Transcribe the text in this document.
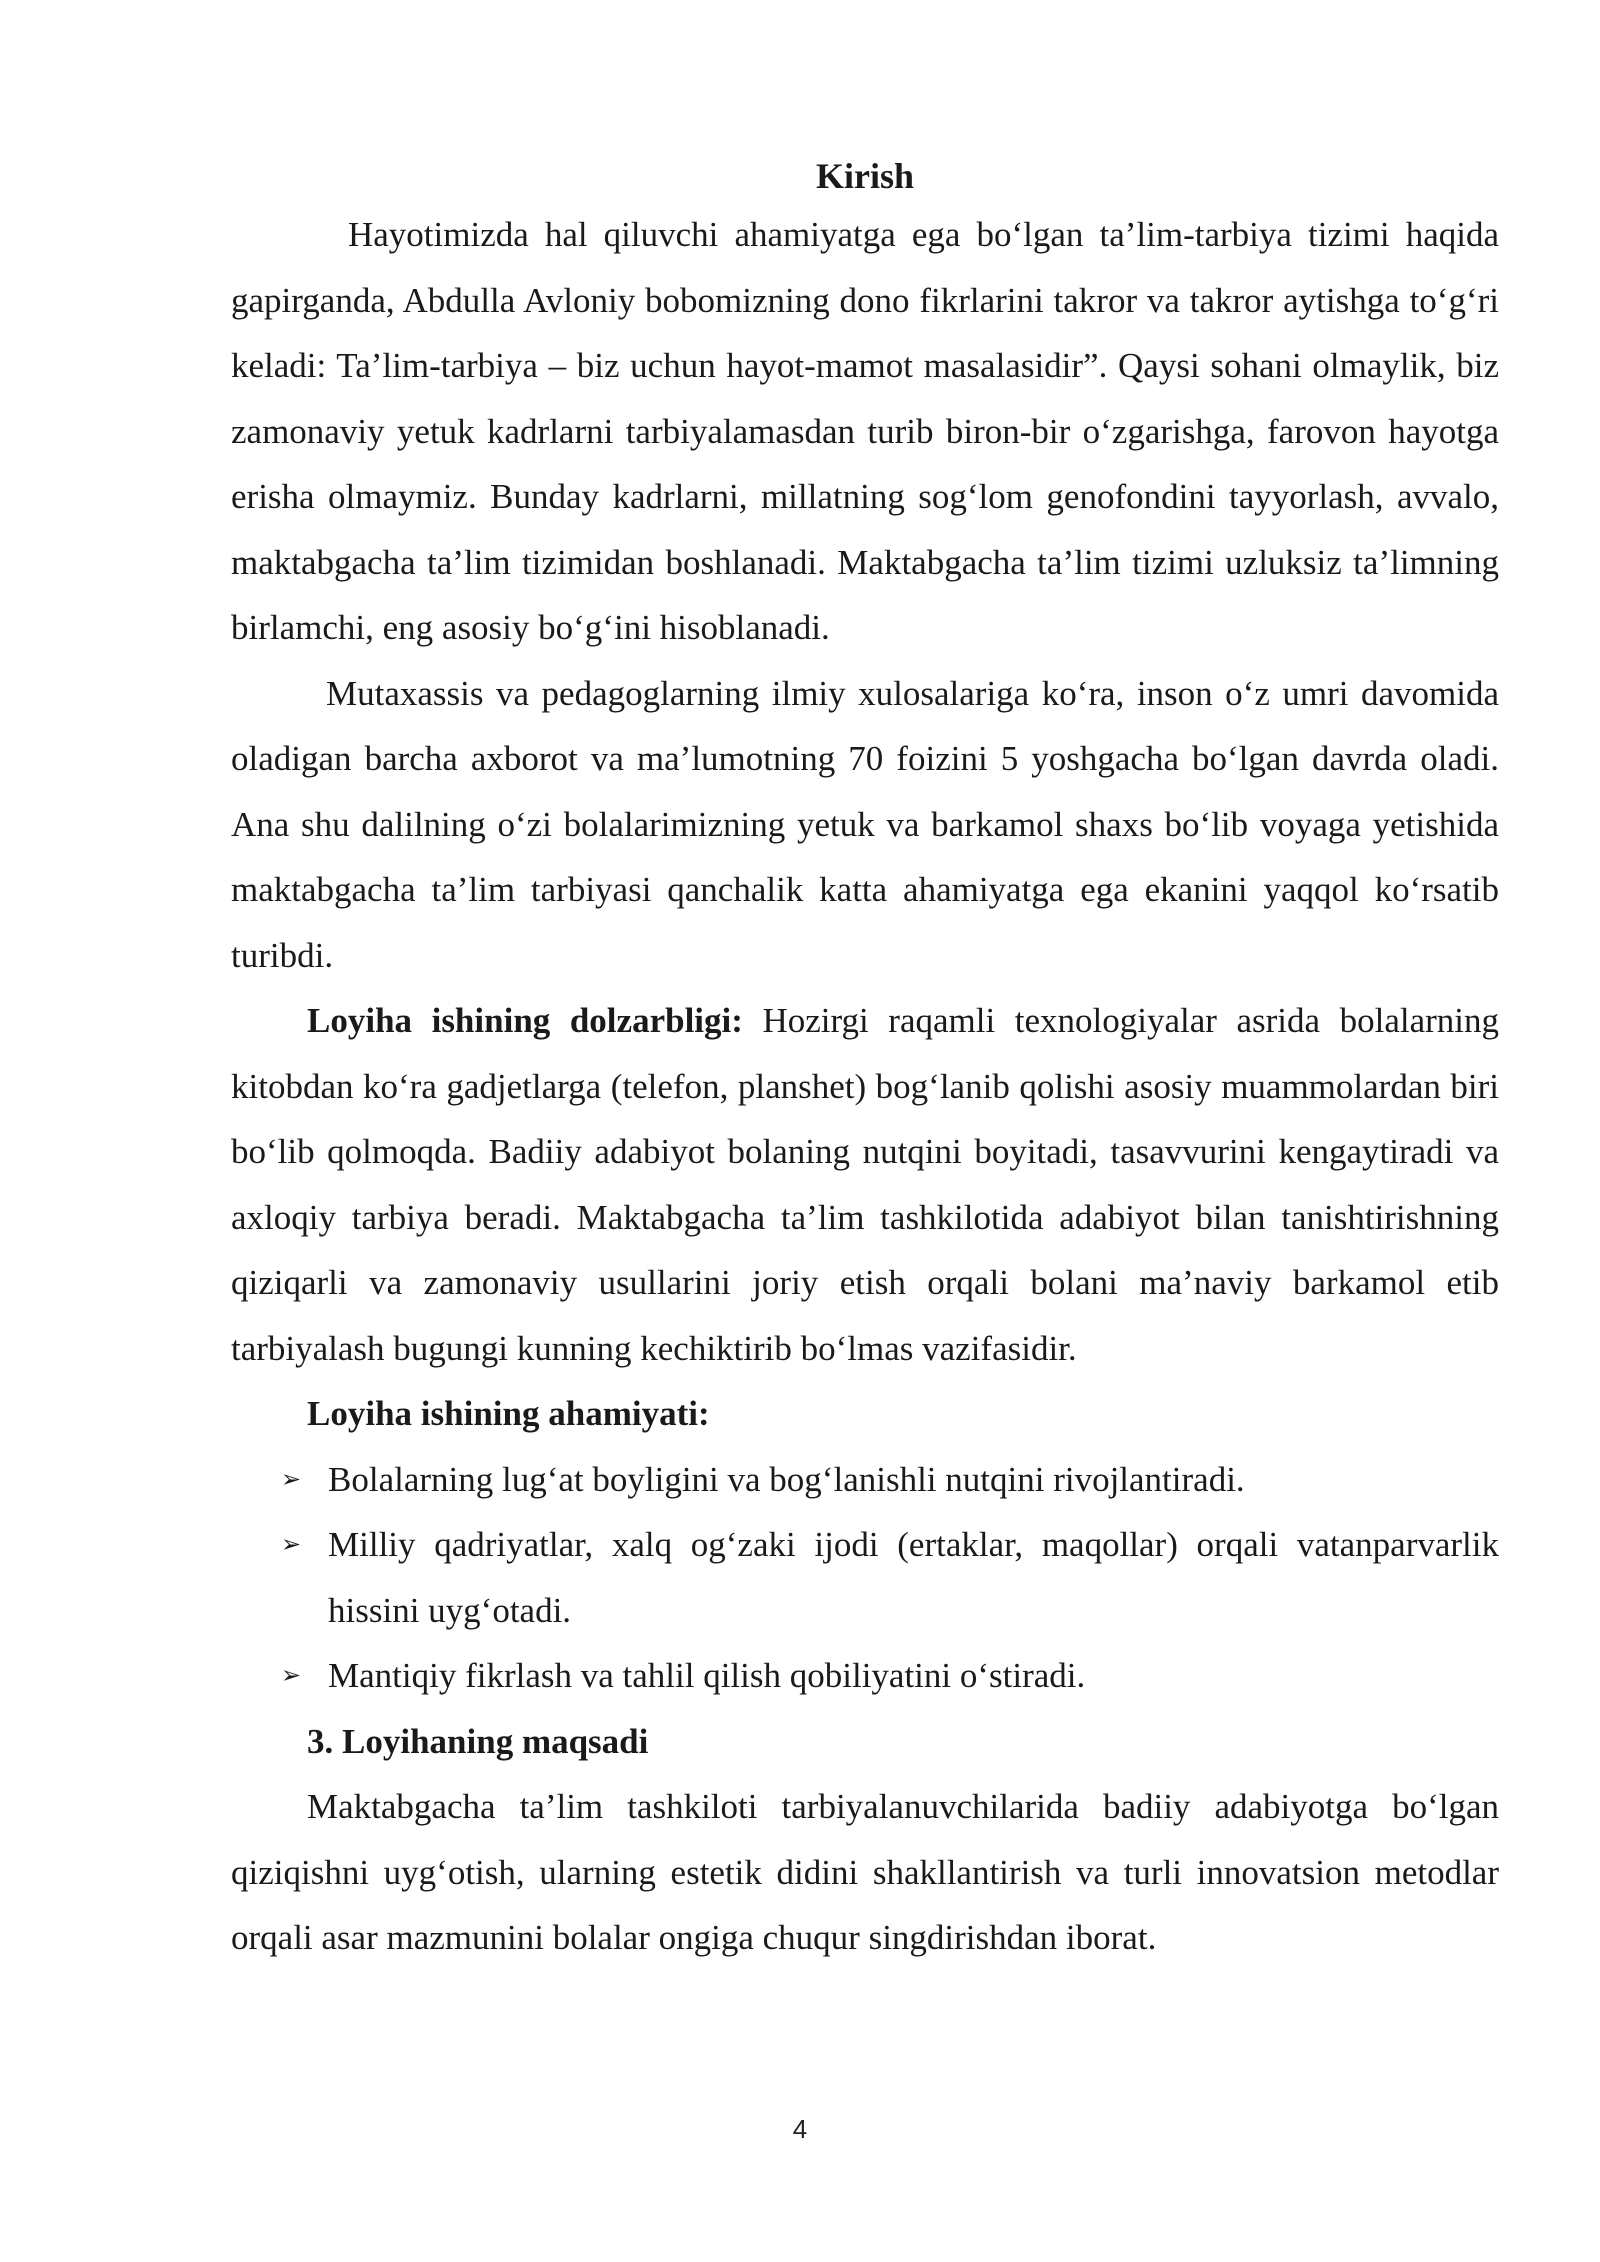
Kirish

Hayotimizda hal qiluvchi ahamiyatga ega bo‘lgan ta’lim-tarbiya tizimi haqida gapirganda, Abdulla Avloniy bobomizning dono fikrlarini takror va takror aytishga to‘g‘ri keladi: Ta’lim-tarbiya – biz uchun hayot-mamot masalasidir”. Qaysi sohani olmaylik, biz zamonaviy yetuk kadrlarni tarbiyalamasdan turib biron-bir o‘zgarishga, farovon hayotga erisha olmaymiz. Bunday kadrlarni, millatning sog‘lom genofondini tayyorlash, avvalo, maktabgacha ta’lim tizimidan boshlanadi. Maktabgacha ta’lim tizimi uzluksiz ta’limning birlamchi, eng asosiy bo‘g‘ini hisoblanadi.

Mutaxassis va pedagoglarning ilmiy xulosalariga ko‘ra, inson o‘z umri davomida oladigan barcha axborot va ma’lumotning 70 foizini 5 yoshgacha bo‘lgan davrda oladi. Ana shu dalilning o‘zi bolalarimizning yetuk va barkamol shaxs bo‘lib voyaga yetishida maktabgacha ta’lim tarbiyasi qanchalik katta ahamiyatga ega ekanini yaqqol ko‘rsatib turibdi.

Loyiha ishining dolzarbligi: Hozirgi raqamli texnologiyalar asrida bolalarning kitobdan ko‘ra gadjetlarga (telefon, planshet) bog‘lanib qolishi asosiy muammolardan biri bo‘lib qolmoqda. Badiiy adabiyot bolaning nutqini boyitadi, tasavvurini kengaytiradi va axloqiy tarbiya beradi. Maktabgacha ta’lim tashkilotida adabiyot bilan tanishtirishning qiziqarli va zamonaviy usullarini joriy etish orqali bolani ma’naviy barkamol etib tarbiyalash bugungi kunning kechiktirib bo‘lmas vazifasidir.

Loyiha ishining ahamiyati:
➢ Bolalarning lug‘at boyligini va bog‘lanishli nutqini rivojlantiradi.
➢ Milliy qadriyatlar, xalq og‘zaki ijodi (ertaklar, maqollar) orqali vatanparvarlik hissini uyg‘otadi.
➢ Mantiqiy fikrlash va tahlil qilish qobiliyatini o‘stiradi.
3. Loyihaning maqsadi

Maktabgacha ta’lim tashkiloti tarbiyalanuvchilarida badiiy adabiyotga bo‘lgan qiziqishni uyg‘otish, ularning estetik didini shakllantirish va turli innovatsion metodlar orqali asar mazmunini bolalar ongiga chuqur singdirishdan iborat.

4
